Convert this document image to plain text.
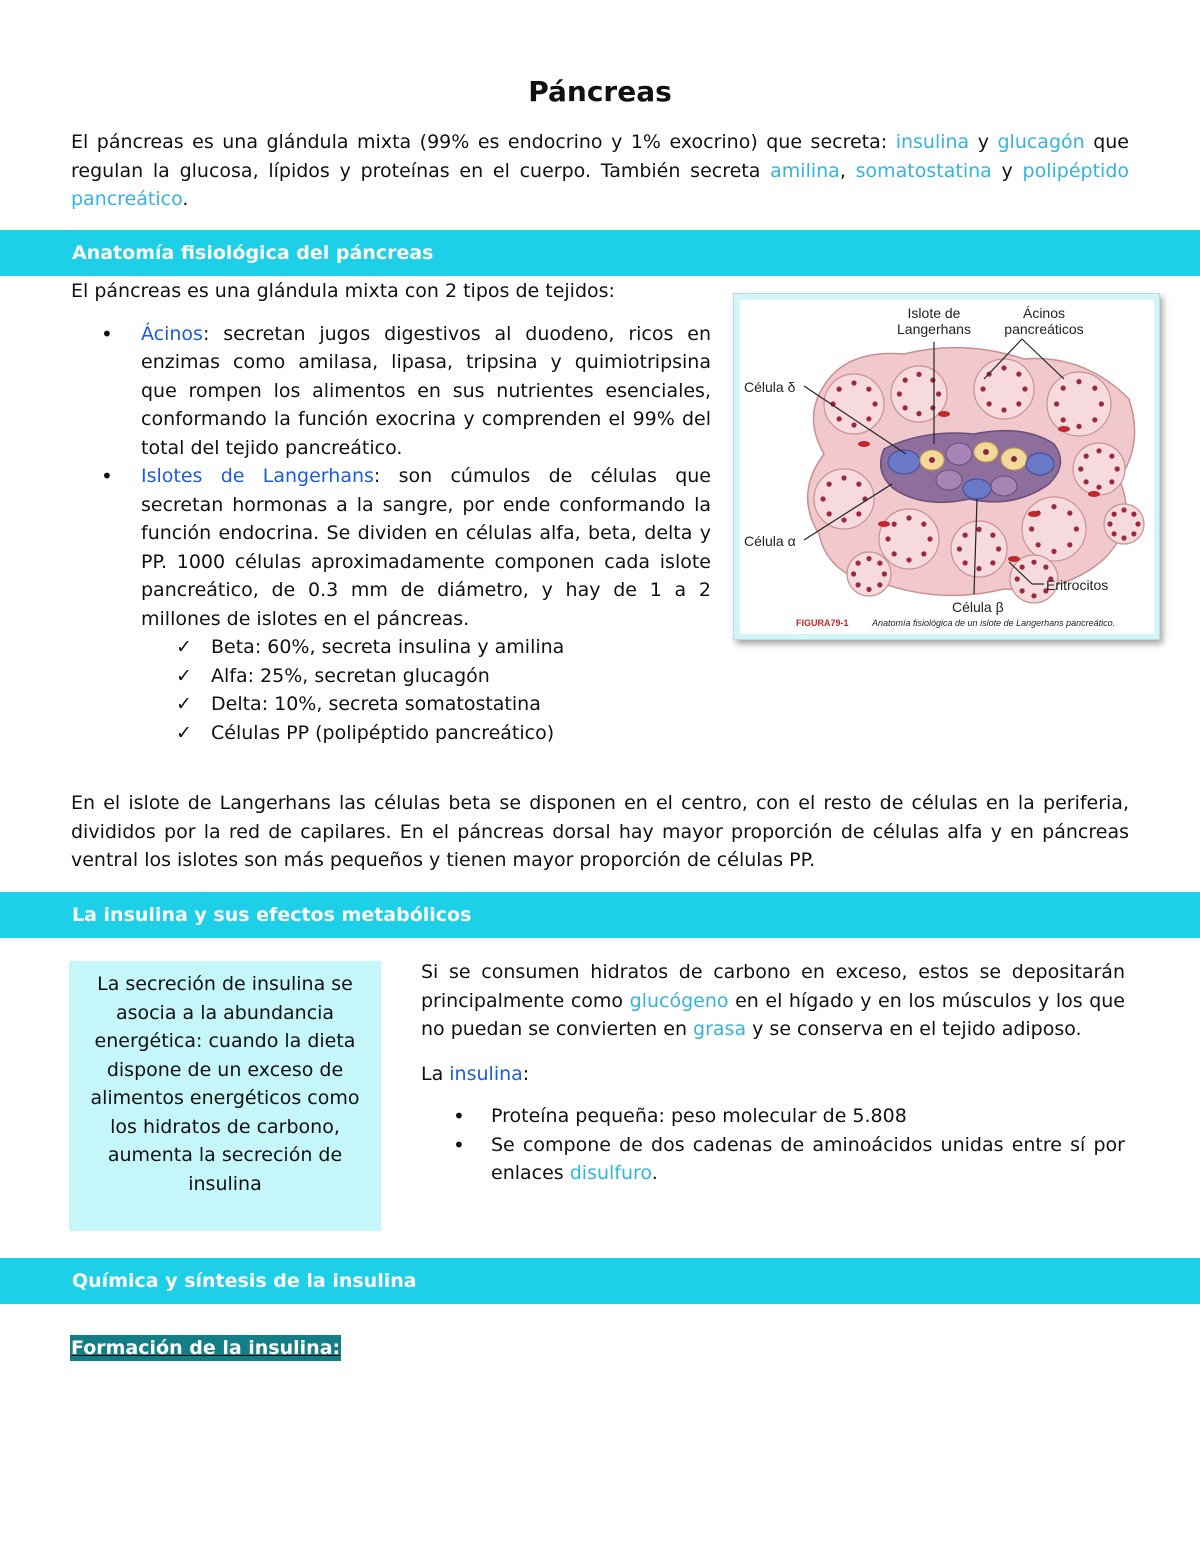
Páncreas

El páncreas es una glándula mixta (99% es endocrino y 1% exocrino) que secreta: insulina y glucagón que regulan la glucosa, lípidos y proteínas en el cuerpo. También secreta amilina, somatostatina y polipéptido pancreático.

Anatomía fisiológica del páncreas

El páncreas es una glándula mixta con 2 tipos de tejidos:

• Ácinos: secretan jugos digestivos al duodeno, ricos en enzimas como amilasa, lipasa, tripsina y quimiotripsina que rompen los alimentos en sus nutrientes esenciales, conformando la función exocrina y comprenden el 99% del total del tejido pancreático.
• Islotes de Langerhans: son cúmulos de células que secretan hormonas a la sangre, por ende conformando la función endocrina. Se dividen en células alfa, beta, delta y PP. 1000 células aproximadamente componen cada islote pancreático, de 0.3 mm de diámetro, y hay de 1 a 2 millones de islotes en el páncreas.
✓ Beta: 60%, secreta insulina y amilina
✓ Alfa: 25%, secretan glucagón
✓ Delta: 10%, secreta somatostatina
✓ Células PP (polipéptido pancreático)
Islote de
Langerhans
Ácinos
pancreáticos
Célula δ
Célula α
Célula β
Eritrocitos
FIGURA79-1	Anatomía fisiológica de un islote de Langerhans pancreático.

En el islote de Langerhans las células beta se disponen en el centro, con el resto de células en la periferia, divididos por la red de capilares. En el páncreas dorsal hay mayor proporción de células alfa y en páncreas ventral los islotes son más pequeños y tienen mayor proporción de células PP.

La insulina y sus efectos metabólicos
La secreción de insulina se asocia a la abundancia energética: cuando la dieta dispone de un exceso de alimentos energéticos como los hidratos de carbono, aumenta la secreción de insulina

Si se consumen hidratos de carbono en exceso, estos se depositarán principalmente como glucógeno en el hígado y en los músculos y los que no puedan se convierten en grasa y se conserva en el tejido adiposo.

La insulina:

• Proteína pequeña: peso molecular de 5.808
• Se compone de dos cadenas de aminoácidos unidas entre sí por enlaces disulfuro.
Química y síntesis de la insulina
Formación de la insulina:
